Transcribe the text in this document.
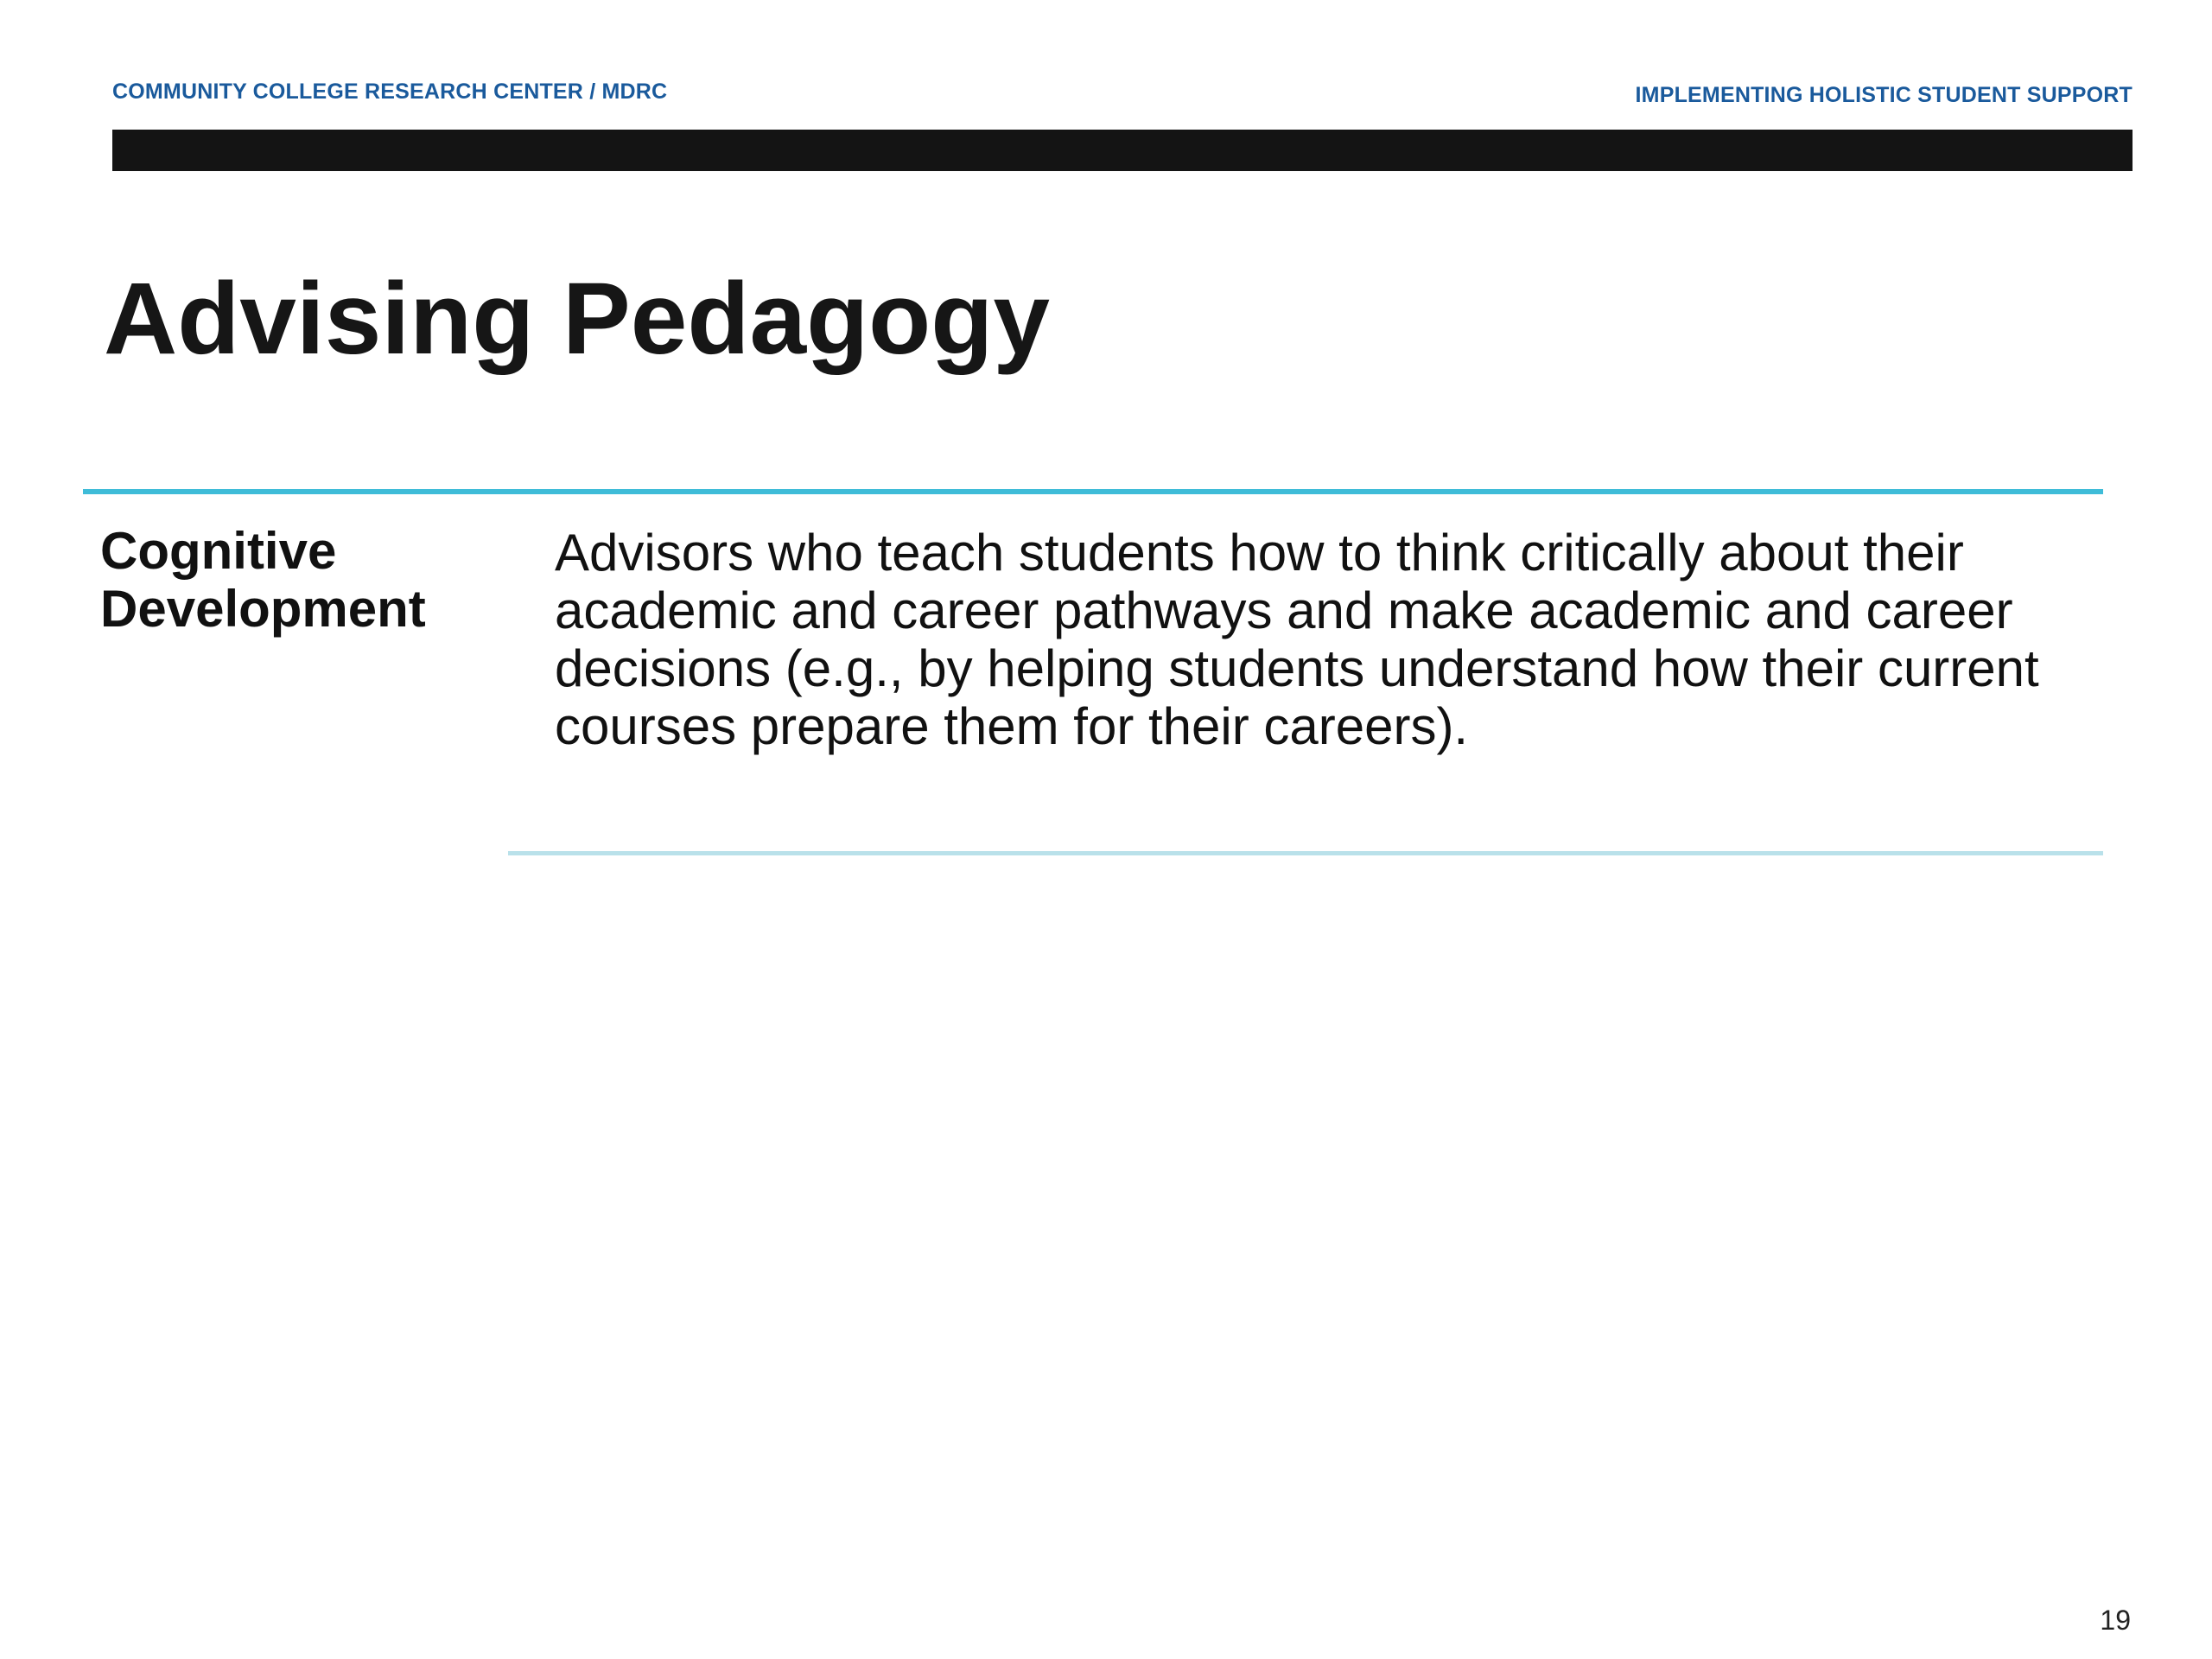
COMMUNITY COLLEGE RESEARCH CENTER / MDRC	IMPLEMENTING HOLISTIC STUDENT SUPPORT
Advising Pedagogy
Cognitive Development
Advisors who teach students how to think critically about their academic and career pathways and make academic and career decisions (e.g., by helping students understand how their current courses prepare them for their careers).
19
